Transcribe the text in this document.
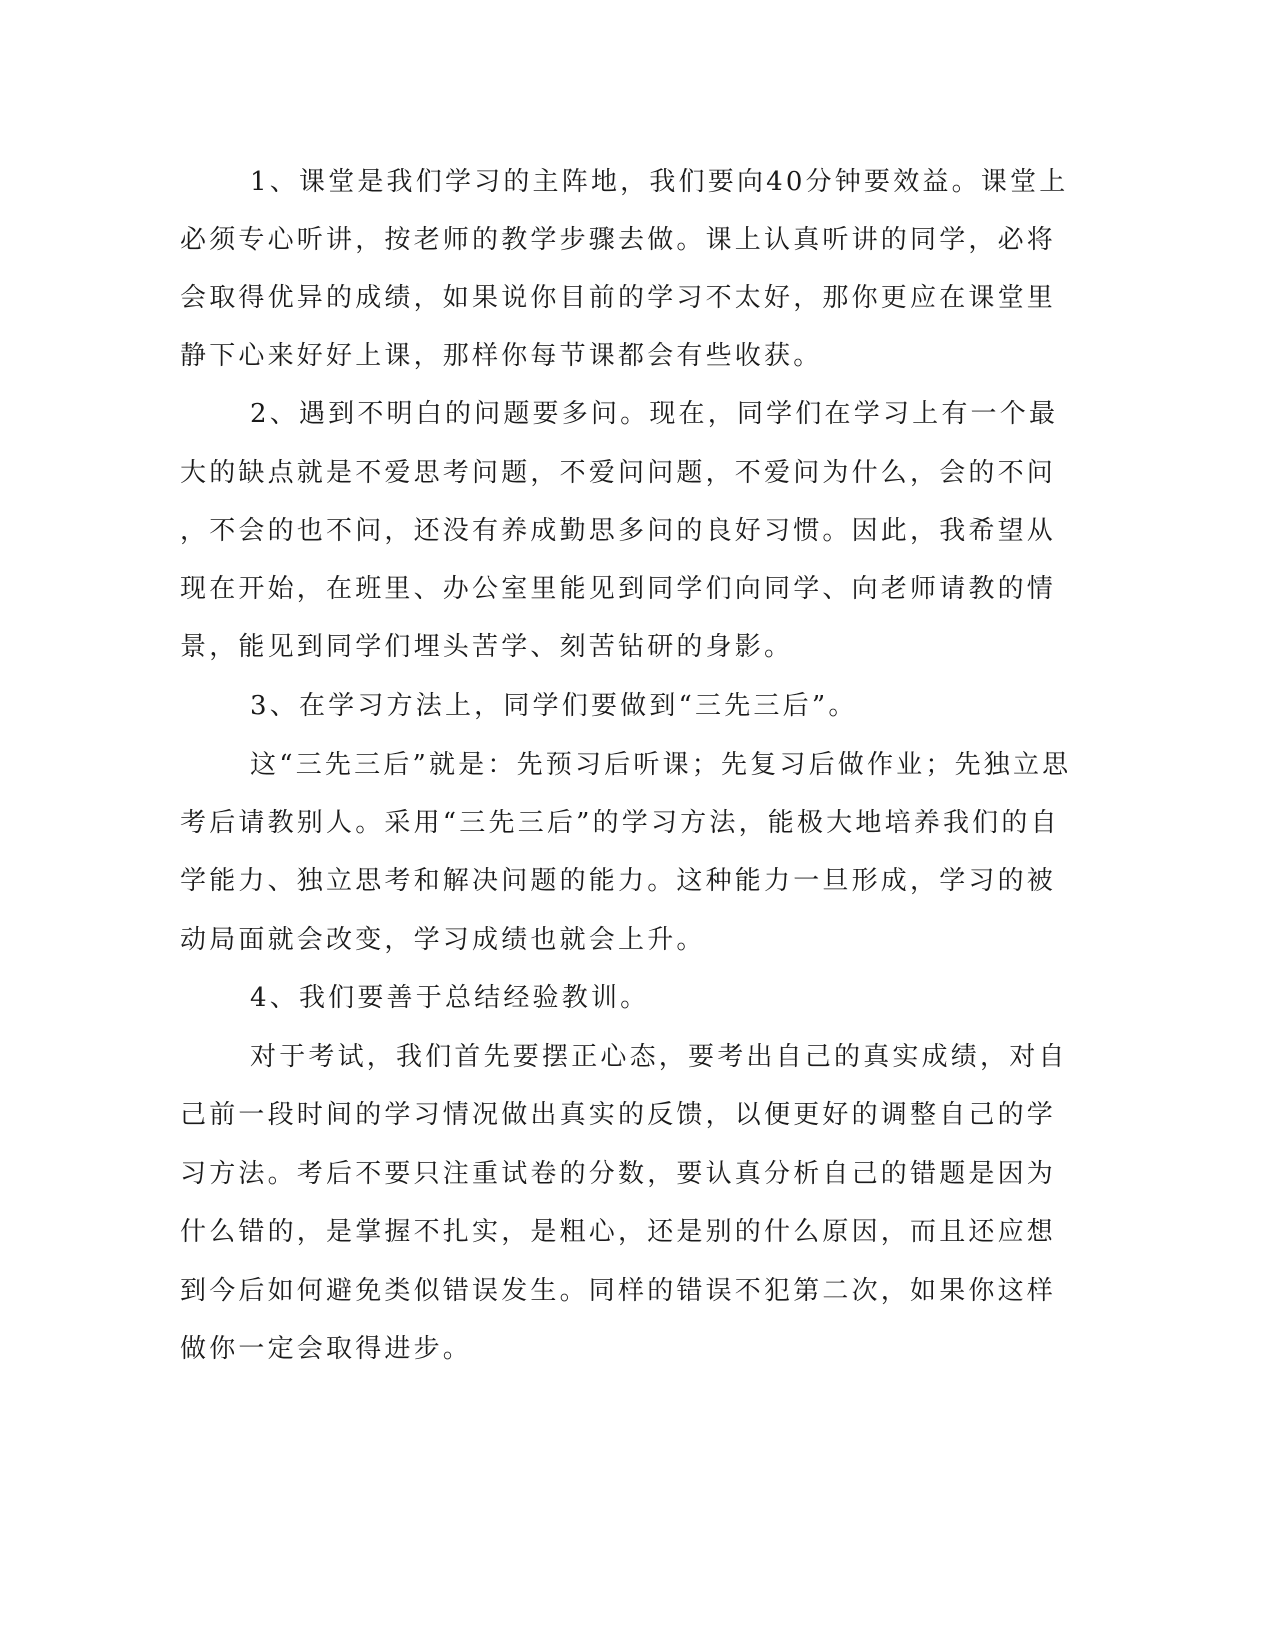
1、课堂是我们学习的主阵地，我们要向40分钟要效益。课堂上
必须专心听讲，按老师的教学步骤去做。课上认真听讲的同学，必将
会取得优异的成绩，如果说你目前的学习不太好，那你更应在课堂里
静下心来好好上课，那样你每节课都会有些收获。
2、遇到不明白的问题要多问。现在，同学们在学习上有一个最
大的缺点就是不爱思考问题，不爱问问题，不爱问为什么，会的不问
，不会的也不问，还没有养成勤思多问的良好习惯。因此，我希望从
现在开始，在班里、办公室里能见到同学们向同学、向老师请教的情
景，能见到同学们埋头苦学、刻苦钻研的身影。
3、在学习方法上，同学们要做到“三先三后”。
这“三先三后”就是：先预习后听课；先复习后做作业；先独立思
考后请教别人。采用“三先三后”的学习方法，能极大地培养我们的自
学能力、独立思考和解决问题的能力。这种能力一旦形成，学习的被
动局面就会改变，学习成绩也就会上升。
4、我们要善于总结经验教训。
对于考试，我们首先要摆正心态，要考出自己的真实成绩，对自
己前一段时间的学习情况做出真实的反馈，以便更好的调整自己的学
习方法。考后不要只注重试卷的分数，要认真分析自己的错题是因为
什么错的，是掌握不扎实，是粗心，还是别的什么原因，而且还应想
到今后如何避免类似错误发生。同样的错误不犯第二次，如果你这样
做你一定会取得进步。
